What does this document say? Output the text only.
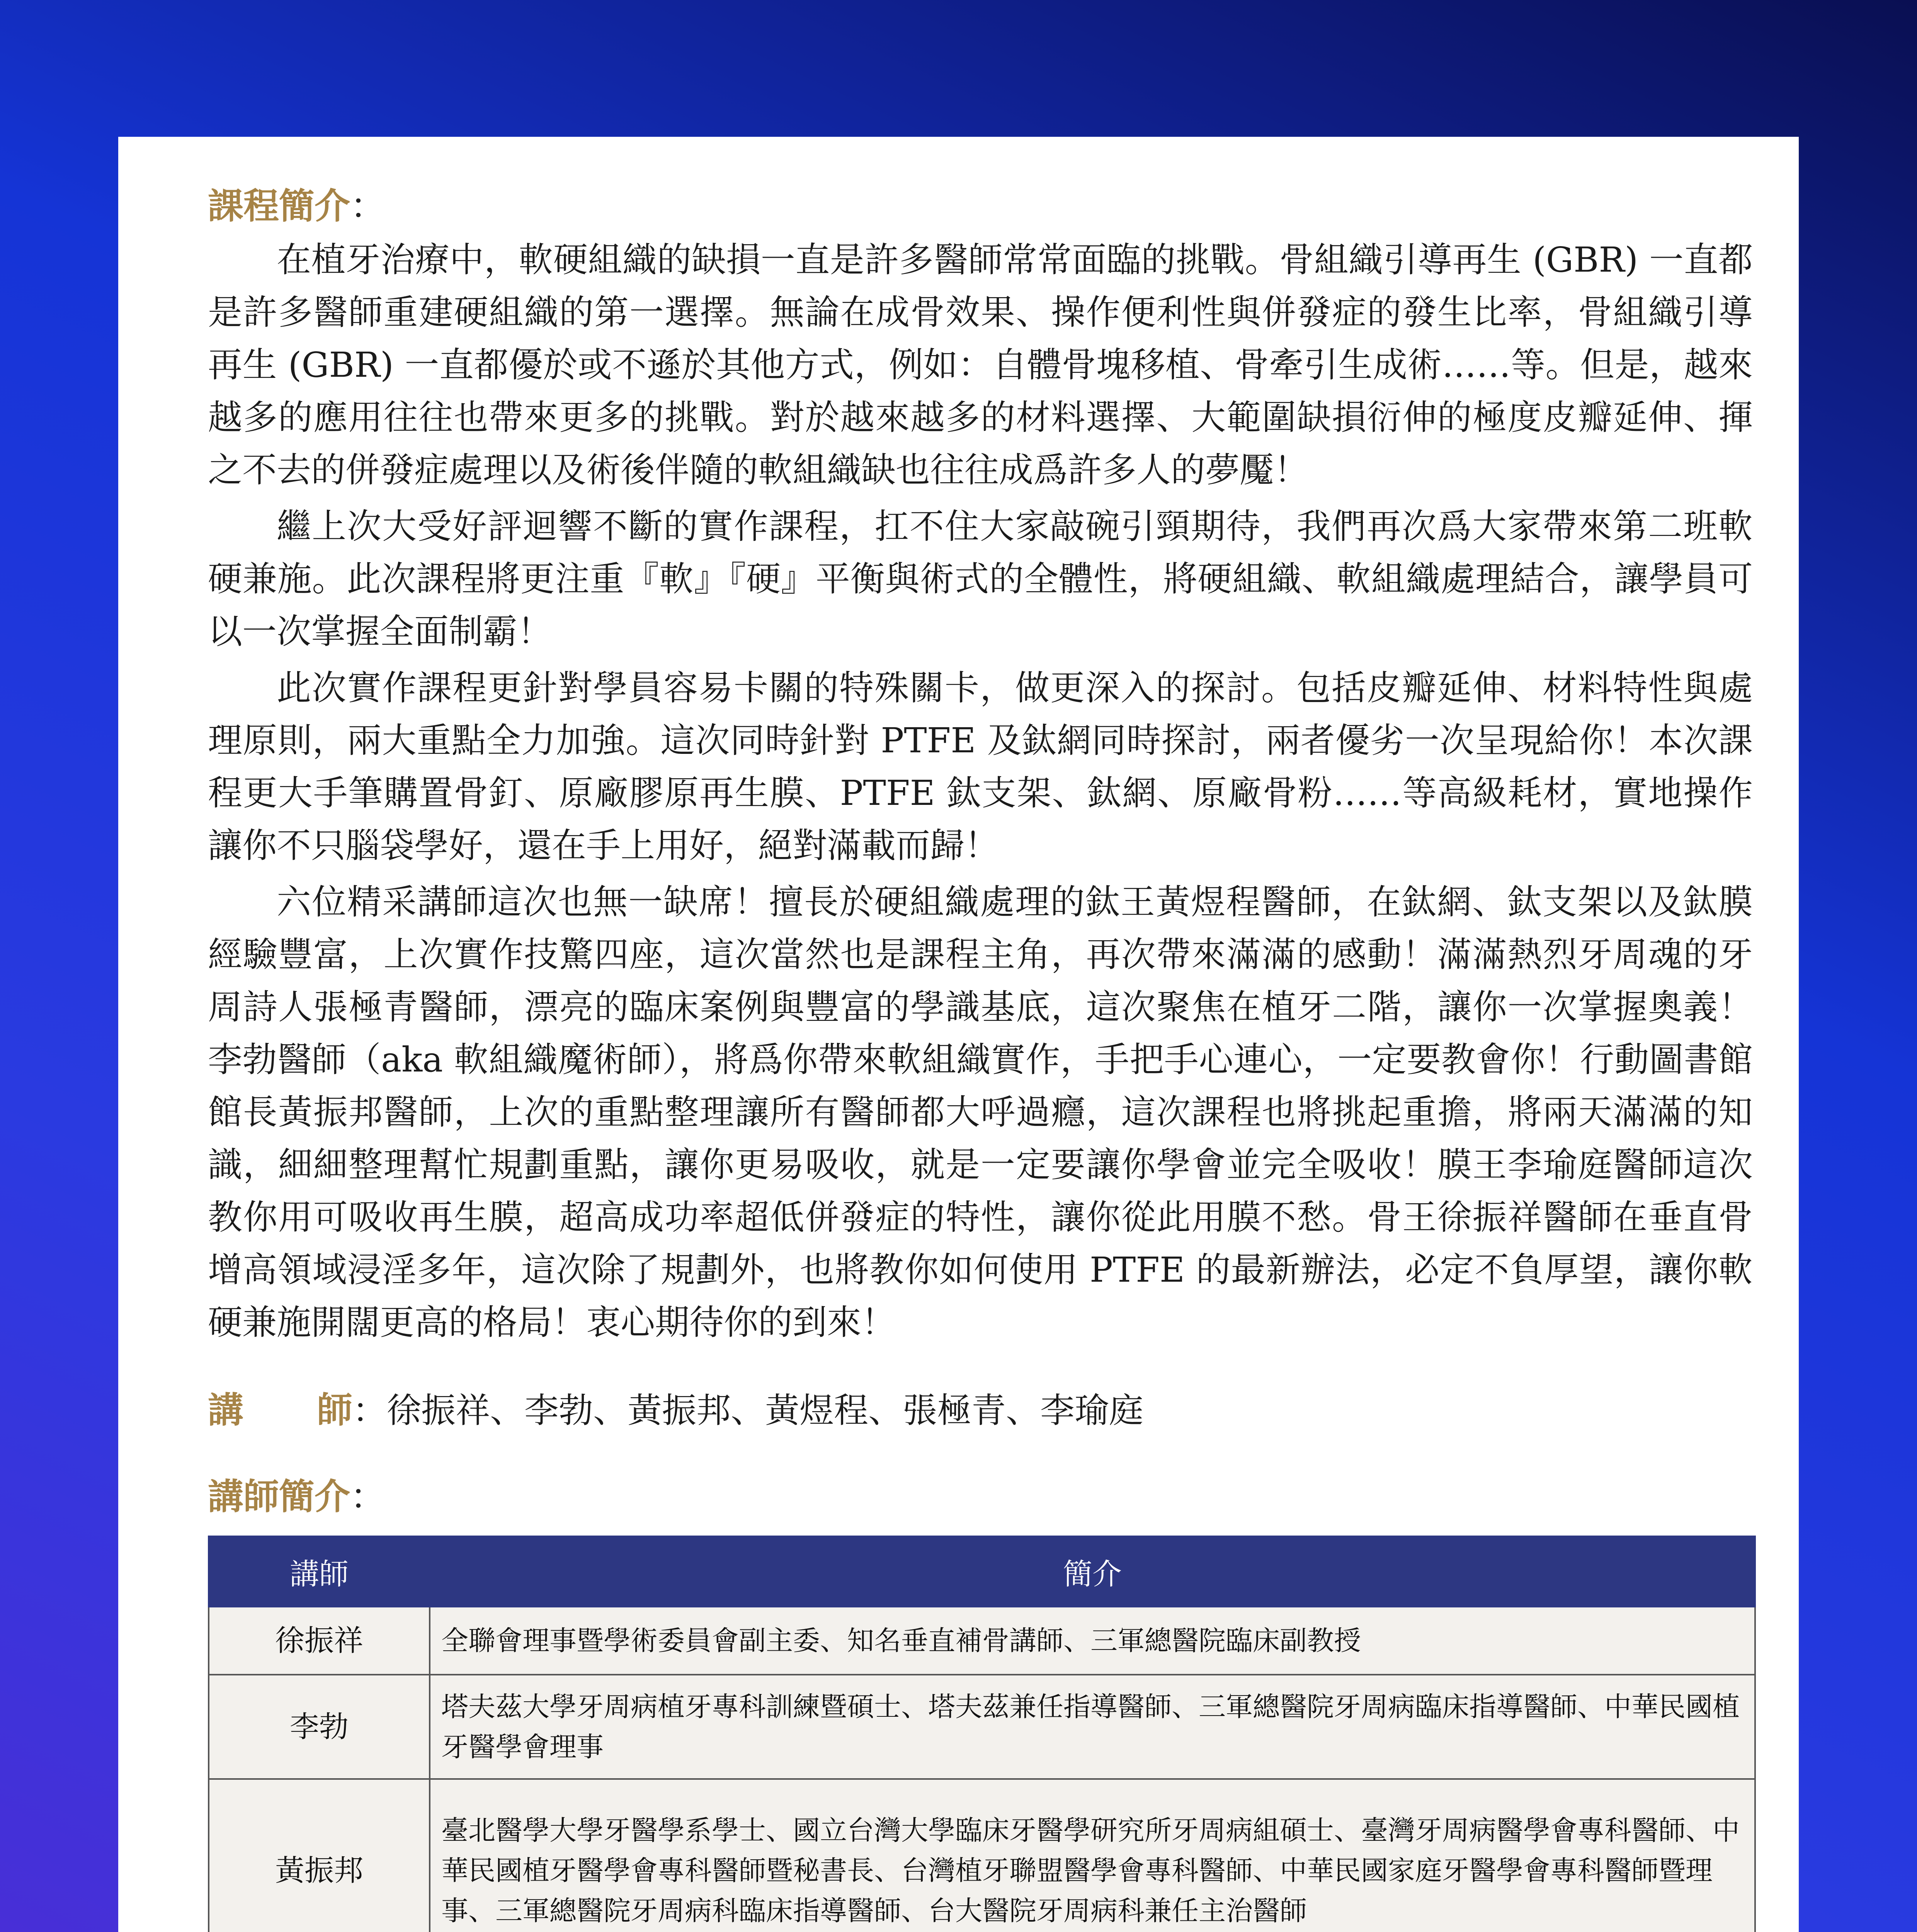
課程簡介：

在植牙治療中，軟硬組織的缺損一直是許多醫師常常面臨的挑戰。骨組織引導再生 (GBR) 一直都是許多醫師重建硬組織的第一選擇。無論在成骨效果、操作便利性與併發症的發生比率，骨組織引導再生 (GBR) 一直都優於或不遜於其他方式，例如：自體骨塊移植、骨牽引生成術……等。但是，越來越多的應用往往也帶來更多的挑戰。對於越來越多的材料選擇、大範圍缺損衍伸的極度皮瓣延伸、揮之不去的併發症處理以及術後伴隨的軟組織缺也往往成爲許多人的夢魘！

繼上次大受好評迴響不斷的實作課程，扛不住大家敲碗引頸期待，我們再次爲大家帶來第二班軟硬兼施。此次課程將更注重『軟』『硬』平衡與術式的全體性，將硬組織、軟組織處理結合，讓學員可以一次掌握全面制霸！

此次實作課程更針對學員容易卡關的特殊關卡，做更深入的探討。包括皮瓣延伸、材料特性與處理原則，兩大重點全力加強。這次同時針對 PTFE 及鈦網同時探討，兩者優劣一次呈現給你！本次課程更大手筆購置骨釘、原廠膠原再生膜、PTFE 鈦支架、鈦網、原廠骨粉……等高級耗材，實地操作讓你不只腦袋學好，還在手上用好，絕對滿載而歸！

六位精采講師這次也無一缺席！擅長於硬組織處理的鈦王黃煜程醫師，在鈦網、鈦支架以及鈦膜經驗豐富，上次實作技驚四座，這次當然也是課程主角，再次帶來滿滿的感動！滿滿熱烈牙周魂的牙周詩人張極青醫師，漂亮的臨床案例與豐富的學識基底，這次聚焦在植牙二階，讓你一次掌握奧義！李勃醫師（aka 軟組織魔術師），將爲你帶來軟組織實作，手把手心連心，一定要教會你！行動圖書館館長黃振邦醫師，上次的重點整理讓所有醫師都大呼過癮，這次課程也將挑起重擔，將兩天滿滿的知識，細細整理幫忙規劃重點，讓你更易吸收，就是一定要讓你學會並完全吸收！膜王李瑜庭醫師這次教你用可吸收再生膜，超高成功率超低併發症的特性，讓你從此用膜不愁。骨王徐振祥醫師在垂直骨增高領域浸淫多年，這次除了規劃外，也將教你如何使用 PTFE 的最新辦法，必定不負厚望，讓你軟硬兼施開闊更高的格局！衷心期待你的到來！

講 師：徐振祥、李勃、黃振邦、黃煜程、張極青、李瑜庭
講師簡介：
講師	簡介
徐振祥	全聯會理事暨學術委員會副主委、知名垂直補骨講師、三軍總醫院臨床副教授
李勃	塔夫茲大學牙周病植牙專科訓練暨碩士、塔夫茲兼任指導醫師、三軍總醫院牙周病臨床指導醫師、中華民國植牙醫學會理事
黃振邦	臺北醫學大學牙醫學系學士、國立台灣大學臨床牙醫學研究所牙周病組碩士、臺灣牙周病醫學會專科醫師、中華民國植牙醫學會專科醫師暨秘書長、台灣植牙聯盟醫學會專科醫師、中華民國家庭牙醫學會專科醫師暨理事、三軍總醫院牙周病科臨床指導醫師、台大醫院牙周病科兼任主治醫師
